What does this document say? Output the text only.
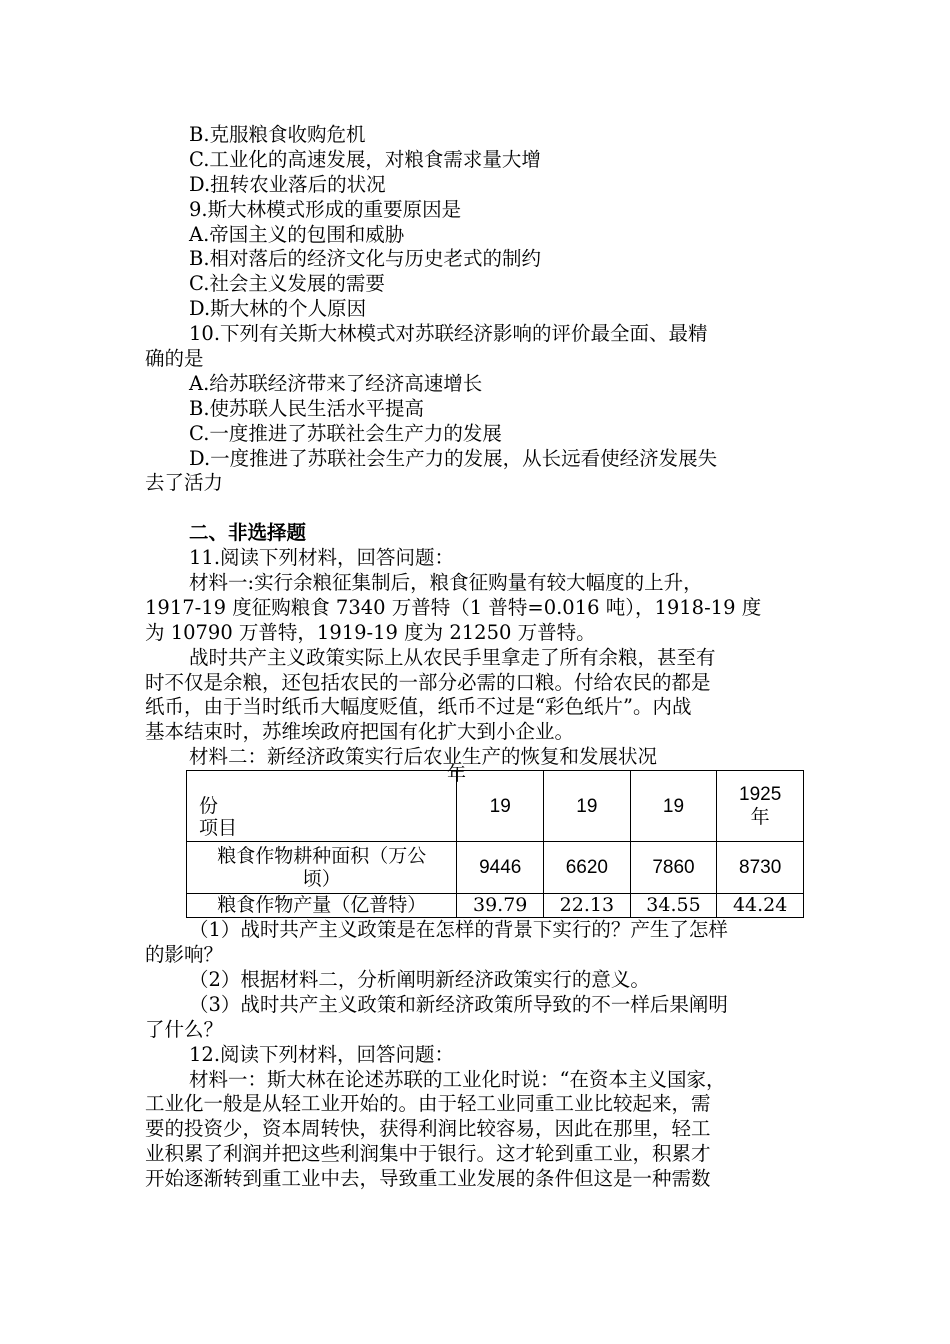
B.克服粮食收购危机
C.工业化的高速发展，对粮食需求量大增
D.扭转农业落后的状况
9.斯大林模式形成的重要原因是
A.帝国主义的包围和威胁
B.相对落后的经济文化与历史老式的制约
C.社会主义发展的需要
D.斯大林的个人原因
10.下列有关斯大林模式对苏联经济影响的评价最全面、最精
确的是
A.给苏联经济带来了经济高速增长
B.使苏联人民生活水平提高
C.一度推进了苏联社会生产力的发展
D.一度推进了苏联社会生产力的发展，从长远看使经济发展失
去了活力
二、非选择题
11.阅读下列材料，回答问题：
材料一:实行余粮征集制后，粮食征购量有较大幅度的上升，
1917-19 度征购粮食 7340 万普特（1 普特=0.016 吨），1918-19 度
为 10790 万普特，1919-19 度为 21250 万普特。
战时共产主义政策实际上从农民手里拿走了所有余粮，甚至有
时不仅是余粮，还包括农民的一部分必需的口粮。付给农民的都是
纸币，由于当时纸币大幅度贬值，纸币不过是“彩色纸片”。内战
基本结束时，苏维埃政府把国有化扩大到小企业。
材料二：新经济政策实行后农业生产的恢复和发展状况
年
份
项目	19	19	19	1925
年
粮食作物耕种面积（万公
顷）	9446	6620	7860	8730
粮食作物产量（亿普特）	39.79	22.13	34.55	44.24
（1）战时共产主义政策是在怎样的背景下实行的？产生了怎样
的影响？
（2）根据材料二，分析阐明新经济政策实行的意义。
（3）战时共产主义政策和新经济政策所导致的不一样后果阐明
了什么？
12.阅读下列材料，回答问题：
材料一：斯大林在论述苏联的工业化时说：“在资本主义国家，
工业化一般是从轻工业开始的。由于轻工业同重工业比较起来，需
要的投资少，资本周转快，获得利润比较容易，因此在那里，轻工
业积累了利润并把这些利润集中于银行。这才轮到重工业，积累才
开始逐渐转到重工业中去，导致重工业发展的条件但这是一种需数
